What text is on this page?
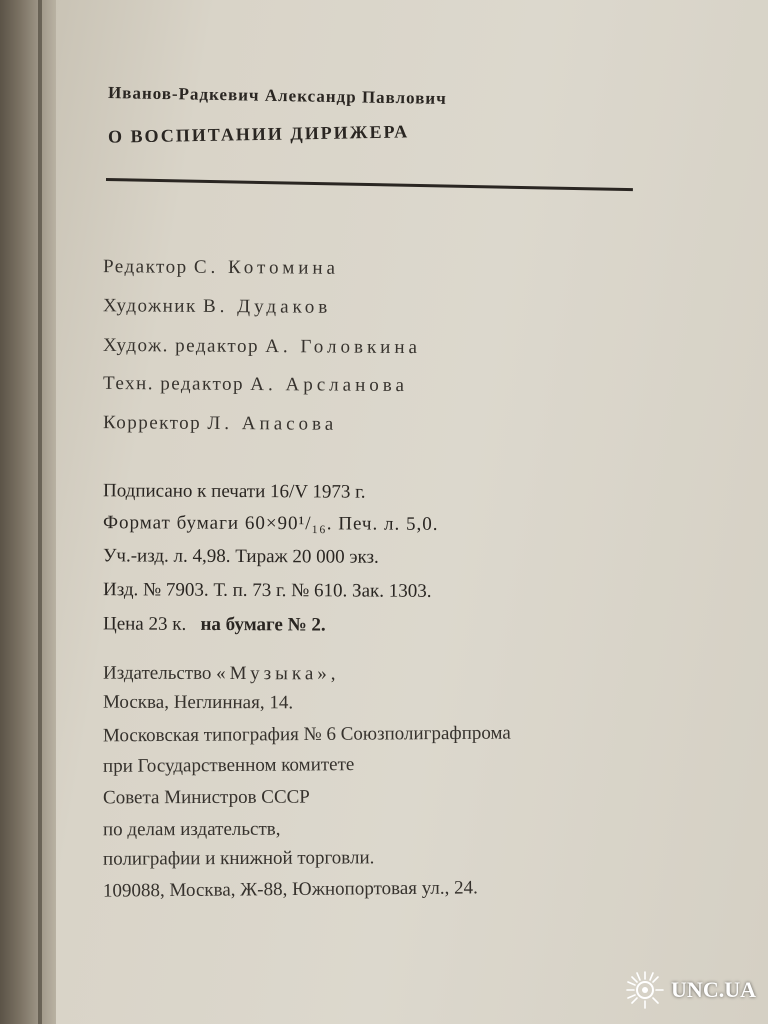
Иванов-Радкевич Александр Павлович
О ВОСПИТАНИИ ДИРИЖЕРА
Редактор С. Котомина
Художник В. Дудаков
Худож. редактор А. Головкина
Техн. редактор А. Арсланова
Корректор Л. Апасова
Подписано к печати 16/V 1973 г.
Формат бумаги 60×90¹/₁₆. Печ. л. 5,0.
Уч.-изд. л. 4,98. Тираж 20 000 экз.
Изд. № 7903. Т. п. 73 г. № 610. Зак. 1303.
Цена 23 к. на бумаге № 2.
Издательство «Музыка»,
Москва, Неглинная, 14.
Московская типография № 6 Союзполиграфпрома
при Государственном комитете
Совета Министров СССР
по делам издательств,
полиграфии и книжной торговли.
109088, Москва, Ж-88, Южнопортовая ул., 24.
UNC.UA
